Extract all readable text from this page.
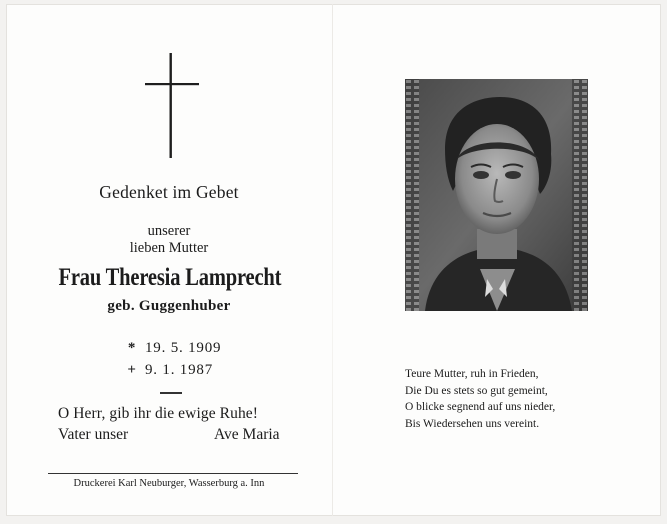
Gedenket im Gebet
unserer
lieben Mutter
Frau Theresia Lamprecht
geb. Guggenhuber
* 19. 5. 1909
+ 9. 1. 1987
O Herr, gib ihr die ewige Ruhe!
Vater unser	Ave Maria
Druckerei Karl Neuburger, Wasserburg a. Inn
Teure Mutter, ruh in Frieden,
Die Du es stets so gut gemeint,
O blicke segnend auf uns nieder,
Bis Wiedersehen uns vereint.
